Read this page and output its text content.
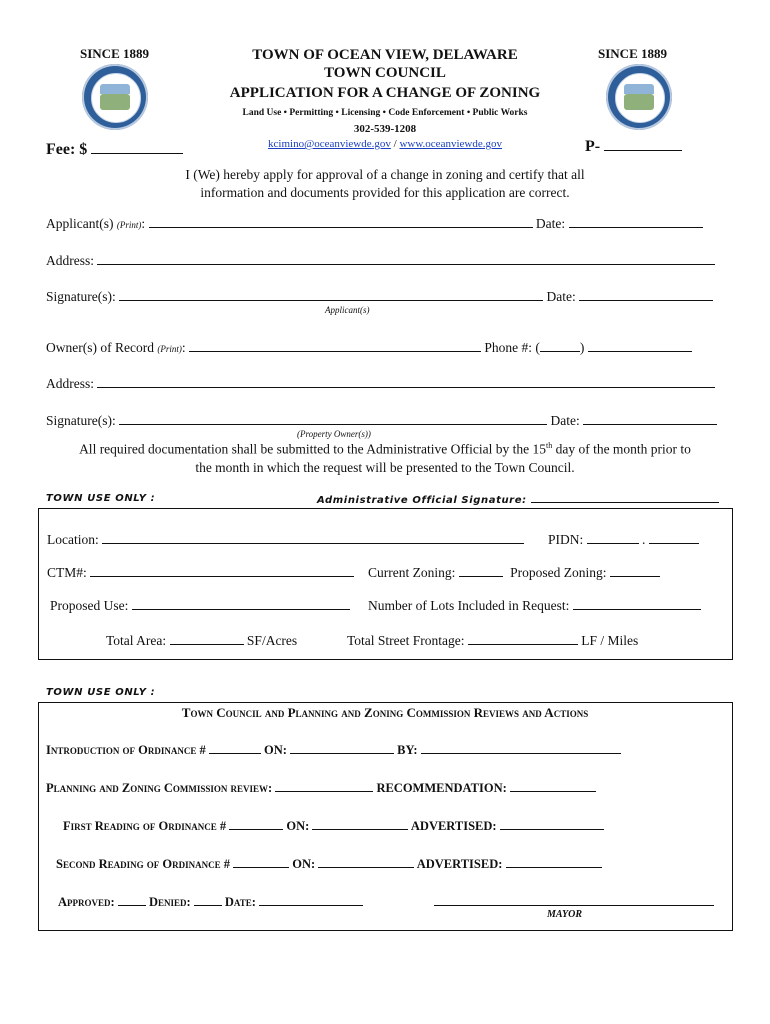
SINCE 1889	SINCE 1889
TOWN OF OCEAN VIEW, DELAWARE
TOWN COUNCIL
APPLICATION FOR A CHANGE OF ZONING
Land Use • Permitting • Licensing • Code Enforcement • Public Works
302-539-1208
kcimino@oceanviewde.gov / www.oceanviewde.gov
Fee: $	P-
I (We) hereby apply for approval of a change in zoning and certify that all
information and documents provided for this application are correct.
Applicant(s) (Print):	Date:
Address:
Signature(s):	Date:
Applicant(s)
Owner(s) of Record (Print):	Phone #: (	)
Address:
Signature(s):	Date:
(Property Owner(s))
All required documentation shall be submitted to the Administrative Official by the 15th day of the month prior to
the month in which the request will be presented to the Town Council.
TOWN USE ONLY :	Administrative Official Signature:
Location:	PIDN:	.
CTM#:	Current Zoning:	Proposed Zoning:
Proposed Use:	Number of Lots Included in Request:
Total Area:	SF/Acres	Total Street Frontage:	LF / Miles
TOWN USE ONLY :
Town Council and Planning and Zoning Commission Reviews and Actions
Introduction of Ordinance #	ON:	BY:
Planning and Zoning Commission review:	RECOMMENDATION:
First Reading of Ordinance #	ON:	ADVERTISED:
Second Reading of Ordinance #	ON:	ADVERTISED:
Approved:	Denied:	Date:
MAYOR
